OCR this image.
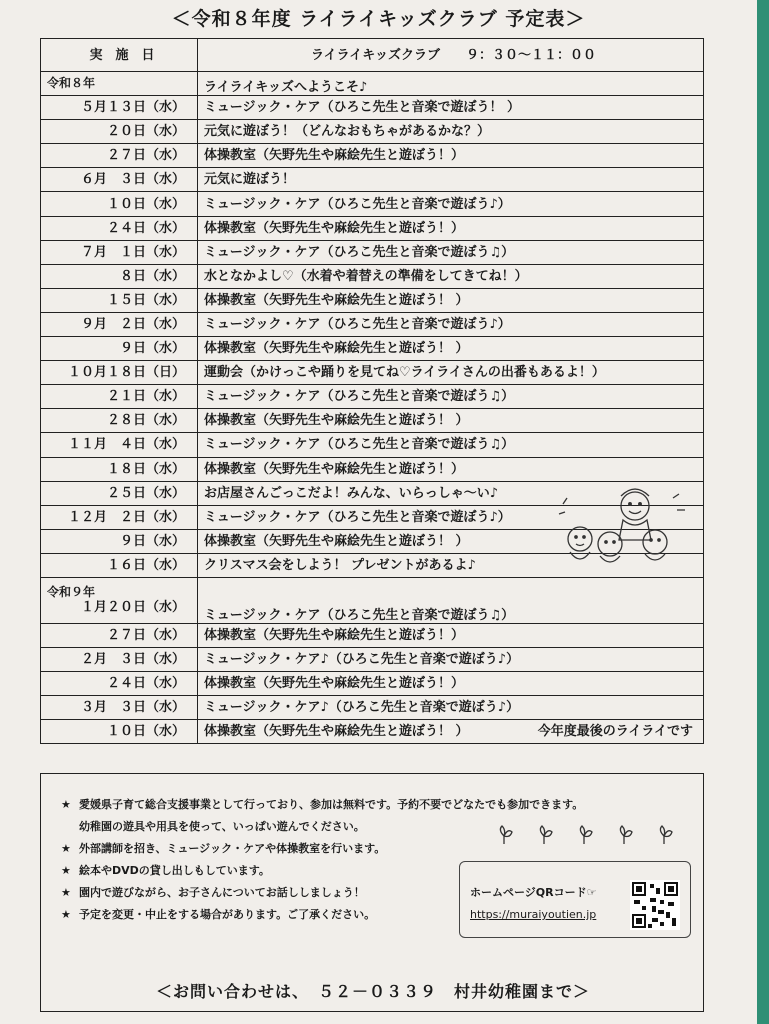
＜令和８年度 ライライキッズクラブ 予定表＞
実　施　日	ライライキッズクラブ　　９：３０～１１：００

令和８年	ライライキッズへようこそ♪
５月１３日（水）	ミュージック・ケア（ひろこ先生と音楽で遊ぼう！ ）
２０日（水）	元気に遊ぼう！（どんなおもちゃがあるかな？）
２７日（水）	体操教室（矢野先生や麻絵先生と遊ぼう！）
６月　３日（水）	元気に遊ぼう！
１０日（水）	ミュージック・ケア（ひろこ先生と音楽で遊ぼう♪）
２４日（水）	体操教室（矢野先生や麻絵先生と遊ぼう！）
７月　１日（水）	ミュージック・ケア（ひろこ先生と音楽で遊ぼう♫）
８日（水）	水となかよし♡（水着や着替えの準備をしてきてね！）
１５日（水）	体操教室（矢野先生や麻絵先生と遊ぼう！ ）
９月　２日（水）	ミュージック・ケア（ひろこ先生と音楽で遊ぼう♪）
９日（水）	体操教室（矢野先生や麻絵先生と遊ぼう！ ）
１０月１８日（日）	運動会（かけっこや踊りを見てね♡ライライさんの出番もあるよ！）
２１日（水）	ミュージック・ケア（ひろこ先生と音楽で遊ぼう♫）
２８日（水）	体操教室（矢野先生や麻絵先生と遊ぼう！ ）
１１月　４日（水）	ミュージック・ケア（ひろこ先生と音楽で遊ぼう♫）
１８日（水）	体操教室（矢野先生や麻絵先生と遊ぼう！）
２５日（水）	お店屋さんごっこだよ！みんな、いらっしゃ～い♪
１２月　２日（水）	ミュージック・ケア（ひろこ先生と音楽で遊ぼう♪）
９日（水）	体操教室（矢野先生や麻絵先生と遊ぼう！ ）
１６日（水）	クリスマス会をしよう！ プレゼントがあるよ♪

令和９年
１月２０日（水）	ミュージック・ケア（ひろこ先生と音楽で遊ぼう♫）
２７日（水）	体操教室（矢野先生や麻絵先生と遊ぼう！）
２月　３日（水）	ミュージック・ケア♪（ひろこ先生と音楽で遊ぼう♪）
２４日（水）	体操教室（矢野先生や麻絵先生と遊ぼう！）
３月　３日（水）	ミュージック・ケア♪（ひろこ先生と音楽で遊ぼう♪）
１０日（水）	体操教室（矢野先生や麻絵先生と遊ぼう！ ） 今年度最後のライライです
★ 愛媛県子育て総合支援事業として行っており、参加は無料です。予約不要でどなたでも参加できます。
幼稚園の遊具や用具を使って、いっぱい遊んでください。
★ 外部講師を招き、ミュージック・ケアや体操教室を行います。
★ 絵本やDVDの貸し出しもしています。
★ 園内で遊びながら、お子さんについてお話ししましょう！
★ 予定を変更・中止をする場合があります。ご了承ください。
ホームページQRコード☞
https://muraiyoutien.jp
＜お問い合わせは、　５２－０３３９　村井幼稚園まで＞
